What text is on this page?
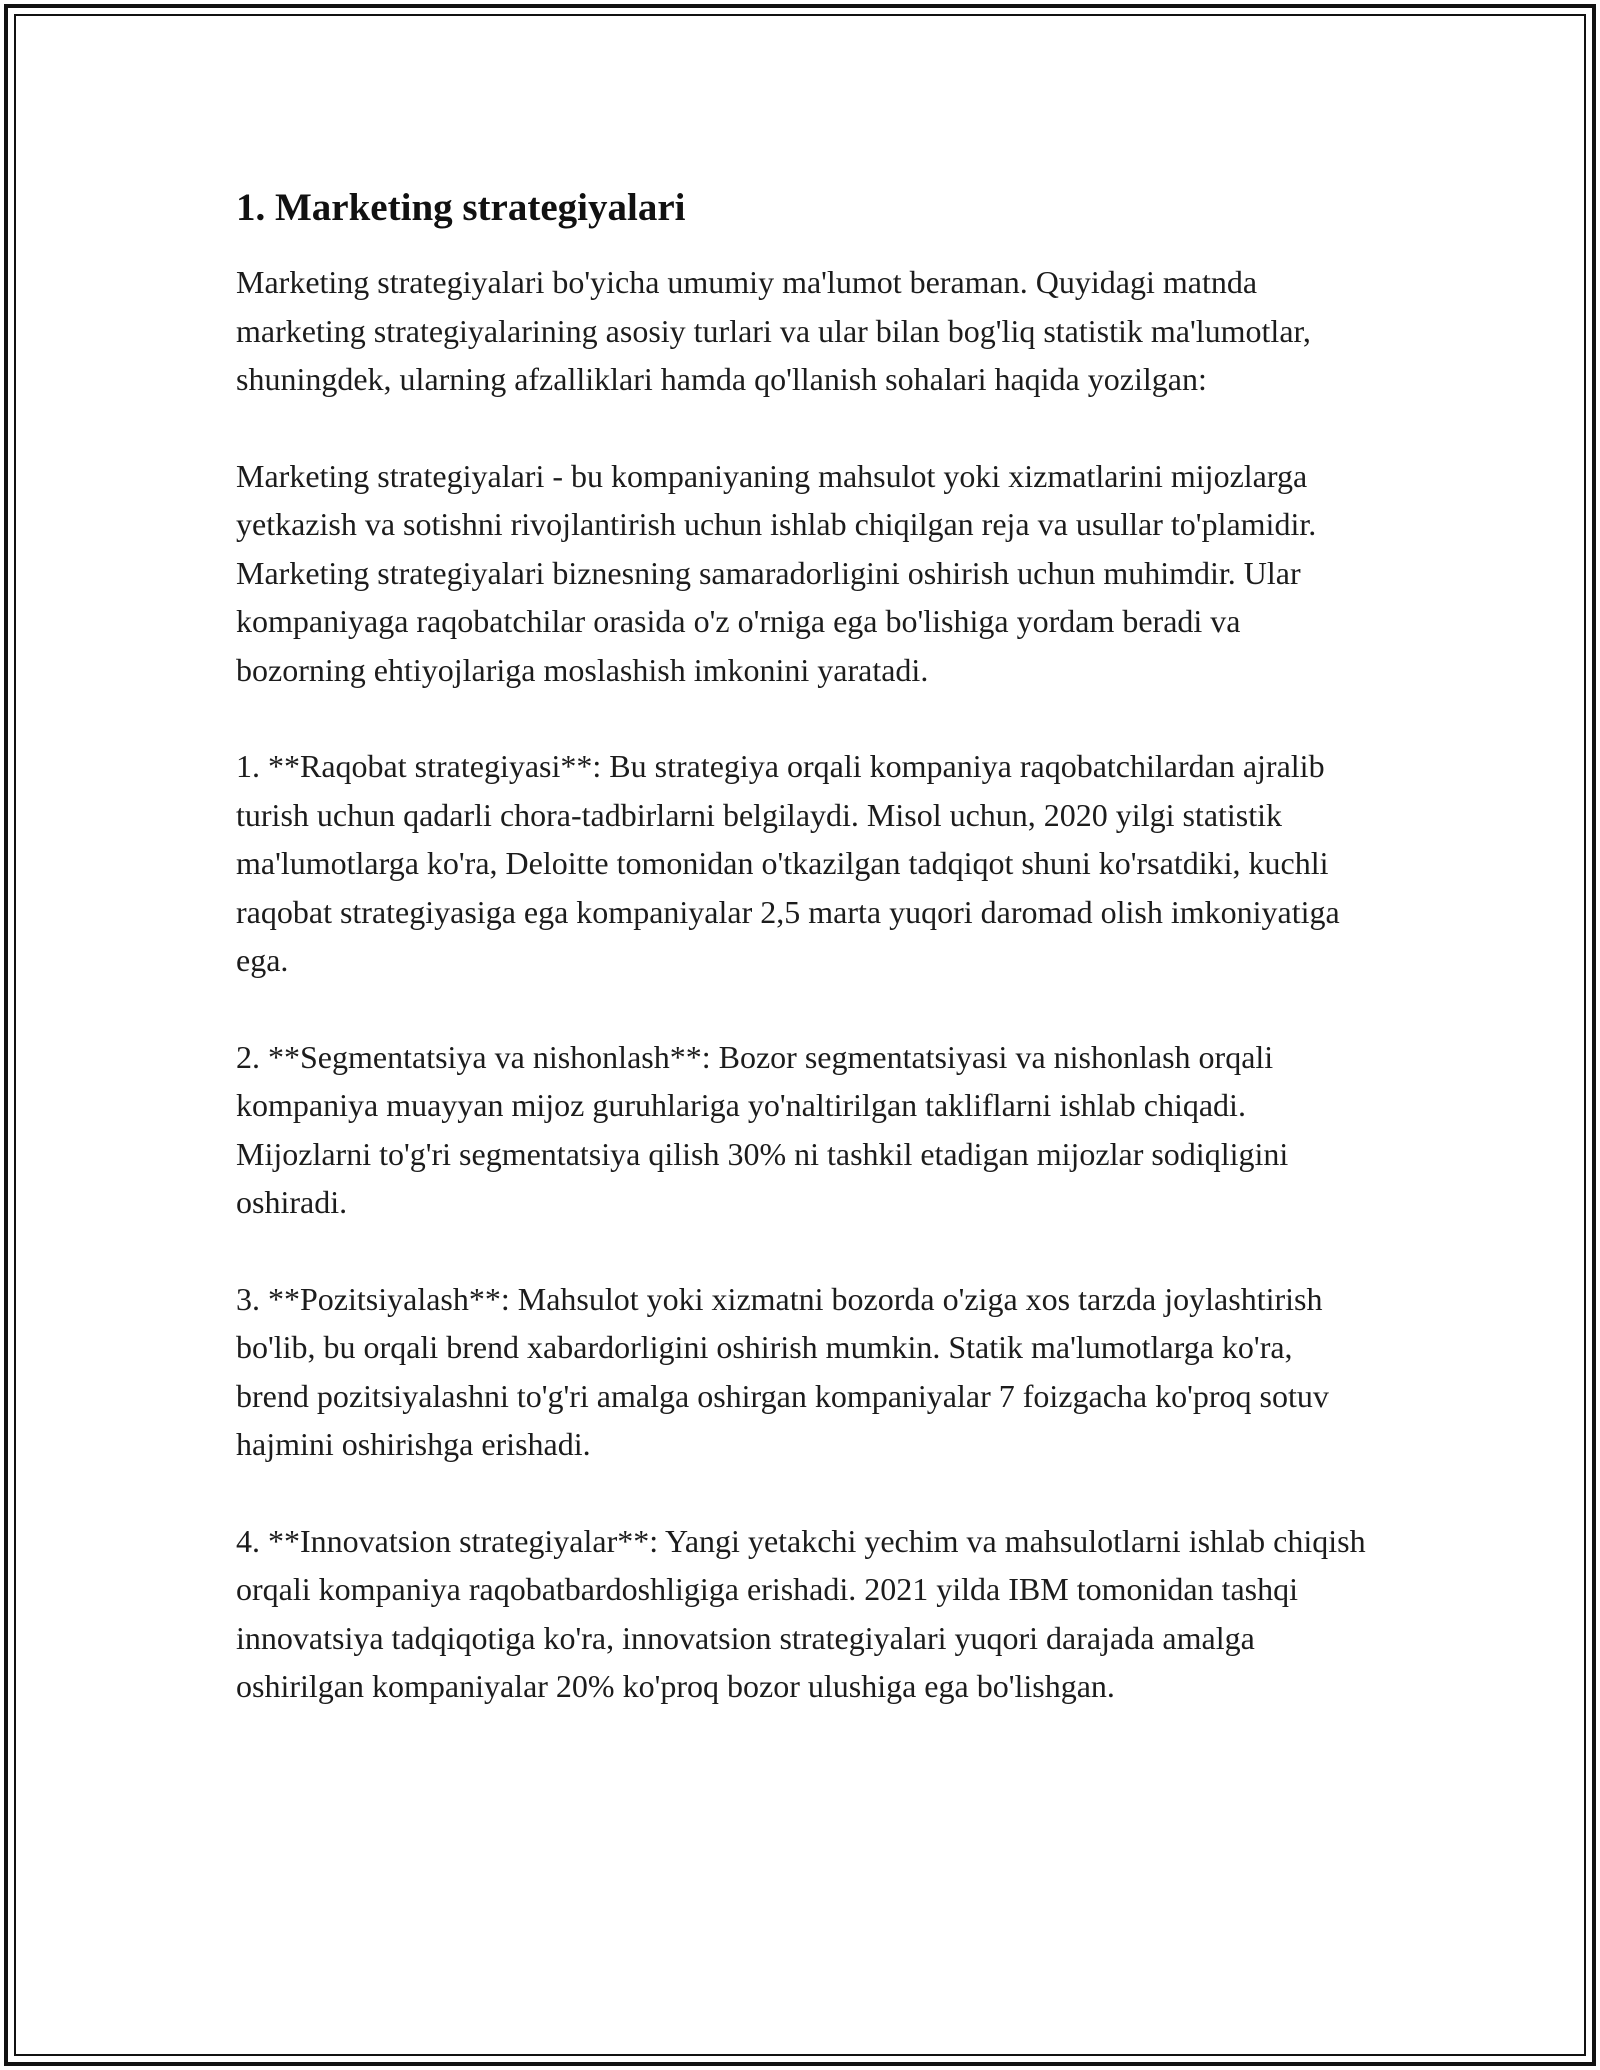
1. Marketing strategiyalari

Marketing strategiyalari bo'yicha umumiy ma'lumot beraman. Quyidagi matnda marketing strategiyalarining asosiy turlari va ular bilan bog'liq statistik ma'lumotlar, shuningdek, ularning afzalliklari hamda qo'llanish sohalari haqida yozilgan:

Marketing strategiyalari - bu kompaniyaning mahsulot yoki xizmatlarini mijozlarga yetkazish va sotishni rivojlantirish uchun ishlab chiqilgan reja va usullar to'plamidir. Marketing strategiyalari biznesning samaradorligini oshirish uchun muhimdir. Ular kompaniyaga raqobatchilar orasida o'z o'rniga ega bo'lishiga yordam beradi va bozorning ehtiyojlariga moslashish imkonini yaratadi.

1. **Raqobat strategiyasi**: Bu strategiya orqali kompaniya raqobatchilardan ajralib turish uchun qadarli chora-tadbirlarni belgilaydi. Misol uchun, 2020 yilgi statistik ma'lumotlarga ko'ra, Deloitte tomonidan o'tkazilgan tadqiqot shuni ko'rsatdiki, kuchli raqobat strategiyasiga ega kompaniyalar 2,5 marta yuqori daromad olish imkoniyatiga ega.

2. **Segmentatsiya va nishonlash**: Bozor segmentatsiyasi va nishonlash orqali kompaniya muayyan mijoz guruhlariga yo'naltirilgan takliflarni ishlab chiqadi. Mijozlarni to'g'ri segmentatsiya qilish 30% ni tashkil etadigan mijozlar sodiqligini oshiradi.

3. **Pozitsiyalash**: Mahsulot yoki xizmatni bozorda o'ziga xos tarzda joylashtirish bo'lib, bu orqali brend xabardorligini oshirish mumkin. Statik ma'lumotlarga ko'ra, brend pozitsiyalashni to'g'ri amalga oshirgan kompaniyalar 7 foizgacha ko'proq sotuv hajmini oshirishga erishadi.

4. **Innovatsion strategiyalar**: Yangi yetakchi yechim va mahsulotlarni ishlab chiqish orqali kompaniya raqobatbardoshligiga erishadi. 2021 yilda IBM tomonidan tashqi innovatsiya tadqiqotiga ko'ra, innovatsion strategiyalari yuqori darajada amalga oshirilgan kompaniyalar 20% ko'proq bozor ulushiga ega bo'lishgan.
